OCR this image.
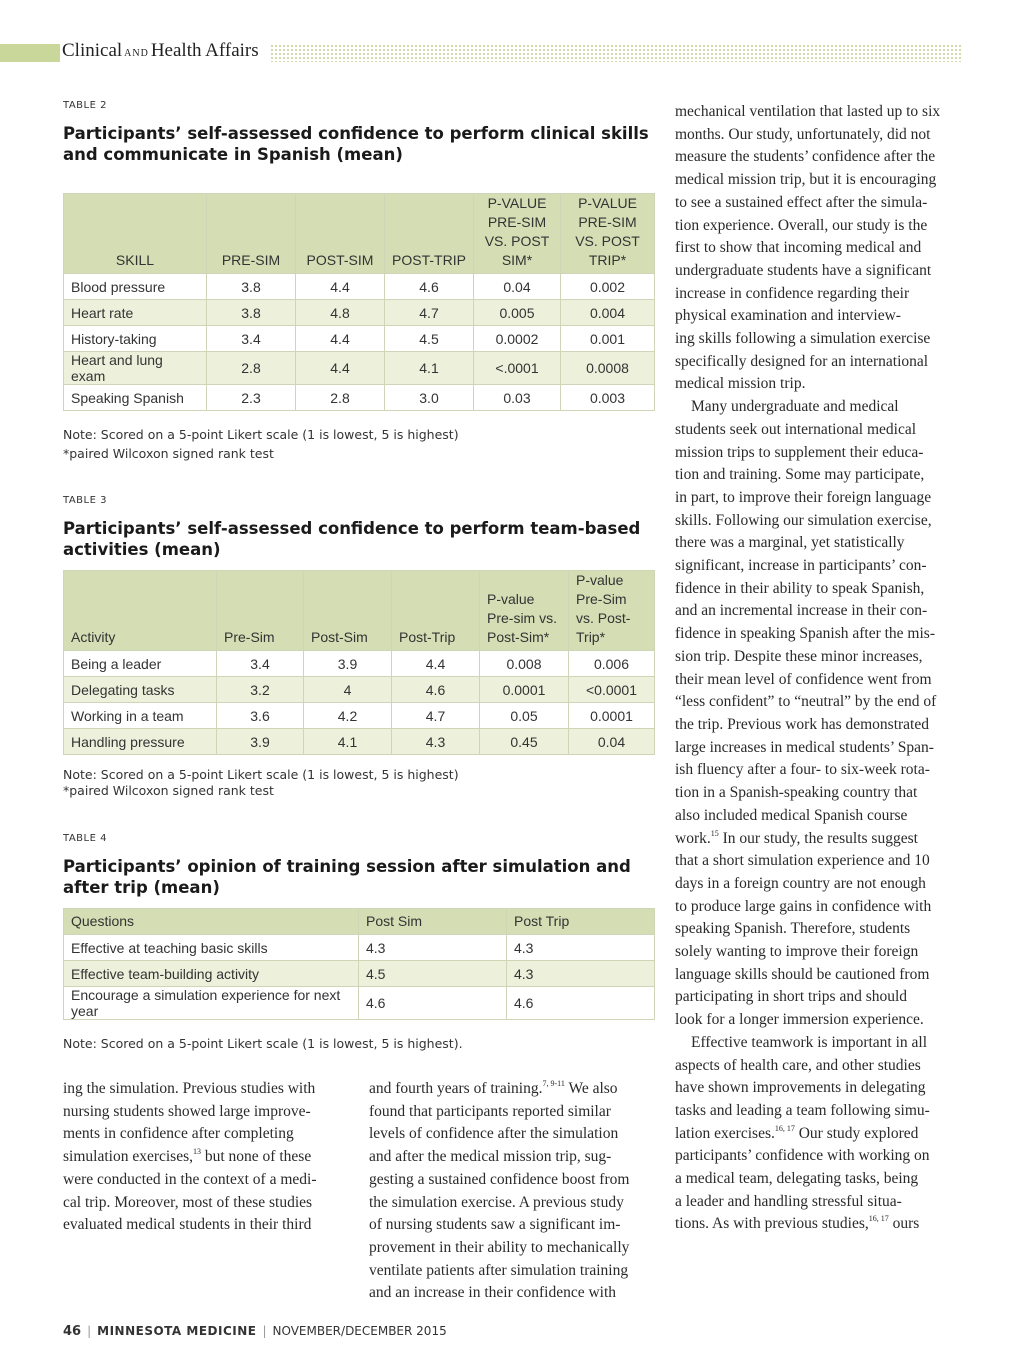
Clinical AND Health Affairs
TABLE 2
Participants’ self-assessed confidence to perform clinical skills and communicate in Spanish (mean)
SKILL	PRE-SIM	POST-SIM	POST-TRIP	P-VALUE PRE-SIM VS. POST SIM*	P-VALUE PRE-SIM VS. POST TRIP*
Blood pressure	3.8	4.4	4.6	0.04	0.002
Heart rate	3.8	4.8	4.7	0.005	0.004
History-taking	3.4	4.4	4.5	0.0002	0.001
Heart and lung exam	2.8	4.4	4.1	<.0001	0.0008
Speaking Spanish	2.3	2.8	3.0	0.03	0.003
Note: Scored on a 5-point Likert scale (1 is lowest, 5 is highest)
*paired Wilcoxon signed rank test
TABLE 3
Participants’ self-assessed confidence to perform team-based activities (mean)
Activity	Pre-Sim	Post-Sim	Post-Trip	P-value Pre-sim vs. Post-Sim*	P-value Pre-Sim vs. Post-Trip*
Being a leader	3.4	3.9	4.4	0.008	0.006
Delegating tasks	3.2	4	4.6	0.0001	<0.0001
Working in a team	3.6	4.2	4.7	0.05	0.0001
Handling pressure	3.9	4.1	4.3	0.45	0.04
Note: Scored on a 5-point Likert scale (1 is lowest, 5 is highest)
*paired Wilcoxon signed rank test
TABLE 4
Participants’ opinion of training session after simulation and after trip (mean)
Questions	Post Sim	Post Trip
Effective at teaching basic skills	4.3	4.3
Effective team-building activity	4.5	4.3
Encourage a simulation experience for next year	4.6	4.6
Note: Scored on a 5-point Likert scale (1 is lowest, 5 is highest).
ing the simulation. Previous studies with
nursing students showed large improve-
ments in confidence after completing
simulation exercises,$^{13}$ but none of these
were conducted in the context of a medi-
cal trip. Moreover, most of these studies
evaluated medical students in their third
and fourth years of training.$^{7, 9-11}$ We also
found that participants reported similar
levels of confidence after the simulation
and after the medical mission trip, sug-
gesting a sustained confidence boost from
the simulation exercise. A previous study
of nursing students saw a significant im-
provement in their ability to mechanically
ventilate patients after simulation training
and an increase in their confidence with

mechanical ventilation that lasted up to six
months. Our study, unfortunately, did not
measure the students’ confidence after the
medical mission trip, but it is encouraging
to see a sustained effect after the simula-
tion experience. Overall, our study is the
first to show that incoming medical and
undergraduate students have a significant
increase in confidence regarding their
physical examination and interview-
ing skills following a simulation exercise
specifically designed for an international
medical mission trip.

Many undergraduate and medical
students seek out international medical
mission trips to supplement their educa-
tion and training. Some may participate,
in part, to improve their foreign language
skills. Following our simulation exercise,
there was a marginal, yet statistically
significant, increase in participants’ con-
fidence in their ability to speak Spanish,
and an incremental increase in their con-
fidence in speaking Spanish after the mis-
sion trip. Despite these minor increases,
their mean level of confidence went from
“less confident” to “neutral” by the end of
the trip. Previous work has demonstrated
large increases in medical students’ Span-
ish fluency after a four- to six-week rota-
tion in a Spanish-speaking country that
also included medical Spanish course
work.$^{15}$ In our study, the results suggest
that a short simulation experience and 10
days in a foreign country are not enough
to produce large gains in confidence with
speaking Spanish. Therefore, students
solely wanting to improve their foreign
language skills should be cautioned from
participating in short trips and should
look for a longer immersion experience.

Effective teamwork is important in all
aspects of health care, and other studies
have shown improvements in delegating
tasks and leading a team following simu-
lation exercises.$^{16, 17}$ Our study explored
participants’ confidence with working on
a medical team, delegating tasks, being
a leader and handling stressful situa-
tions. As with previous studies,$^{16, 17}$ ours

46 | MINNESOTA MEDICINE | NOVEMBER/DECEMBER 2015
